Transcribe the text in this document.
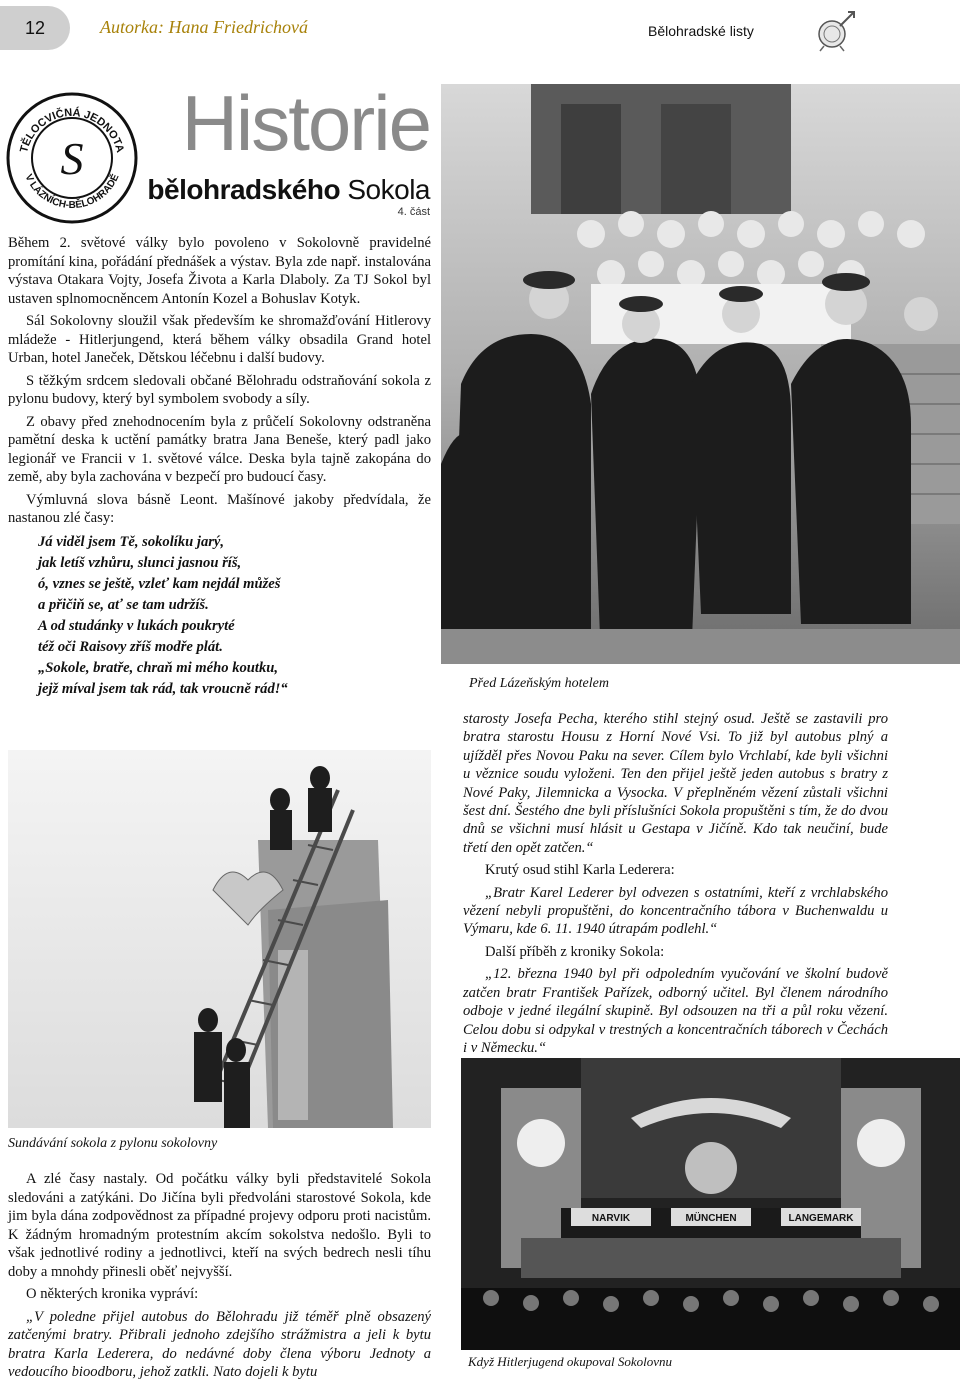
12	Autorka: Hana Friedrichová	Bělohradské listy
TĚLOCVIČNÁ JEDNOTA
V LÁZNÍCH-BĚLOHRADĚ
S	Historie
bělohradského Sokola
4. část

Během 2. světové války bylo povoleno v Sokolovně pravidelné promítání kina, pořádání přednášek a výstav. Byla zde např. instalována výstava Otakara Vojty, Josefa Života a Karla Dlaboly. Za TJ Sokol byl ustaven splnomocněncem Antonín Kozel a Bohuslav Kotyk.

Sál Sokolovny sloužil však především ke shromažďování Hitlerovy mládeže - Hitlerjungend, která během války obsadila Grand hotel Urban, hotel Janeček, Dětskou léčebnu i další budovy.

S těžkým srdcem sledovali občané Bělohradu odstraňování sokola z pylonu budovy, který byl symbolem svobody a síly.

Z obavy před znehodnocením byla z průčelí Sokolovny odstraněna pamětní deska k uctění památky bratra Jana Beneše, který padl jako legionář ve Francii v 1. světové válce. Deska byla tajně zakopána do země, aby byla zachována v bezpečí pro budoucí časy.

Výmluvná slova básně Leont. Mašínové jakoby předvídala, že nastanou zlé časy:

Já viděl jsem Tě, sokolíku jarý,
jak letíš vzhůru, slunci jasnou říš,
ó, vznes se ještě, vzleť kam nejdál můžeš
a přičiň se, ať se tam udržíš.
A od studánky v lukách poukryté
též oči Raisovy zříš modře plát.
„Sokole, bratře, chraň mi mého koutku,
jejž míval jsem tak rád, tak vroucně rád!“	Před Lázeňským hotelem
Sundávání sokola z pylonu sokolovny

starosty Josefa Pecha, kterého stihl stejný osud. Ještě se zastavili pro bratra starostu Housu z Horní Nové Vsi. To již byl autobus plný a ujížděl přes Novou Paku na sever. Cílem bylo Vrchlabí, kde byli všichni u věznice soudu vyloženi. Ten den přijel ještě jeden autobus s bratry z Nové Paky, Jilemnicka a Vysocka. V přeplněném vězení zůstali všichni šest dní. Šestého dne byli příslušníci Sokola propuštěni s tím, že do dvou dnů se všichni musí hlásit u Gestapa v Jičíně. Kdo tak neučiní, bude třetí den opět zatčen.“

Krutý osud stihl Karla Lederera:

„Bratr Karel Lederer byl odvezen s ostatními, kteří z vrchlabského vězení nebyli propuštěni, do koncentračního tábora v Buchenwaldu u Výmaru, kde 6. 11. 1940 útrapám podlehl.“

Další příběh z kroniky Sokola:

„12. března 1940 byl při odpoledním vyučování ve školní budově zatčen bratr František Pařízek, odborný učitel. Byl členem národního odboje v jedné ilegální skupině. Byl odsouzen na tři a půl roku vězení. Celou dobu si odpykal v trestných a koncentračních táborech v Čechách i v Německu.“

NARVIK	MÜNCHEN	LANGEMARK
Když Hitlerjugend okupoval Sokolovnu

A zlé časy nastaly. Od počátku války byli představitelé Sokola sledováni a zatýkáni. Do Jičína byli předvoláni starostové Sokola, kde jim byla dána zodpovědnost za případné projevy odporu proti nacistům. K žádným hromadným protestním akcím sokolstva nedošlo. Byli to však jednotlivé rodiny a jednotlivci, kteří na svých bedrech nesli tíhu doby a mnohdy přinesli oběť nejvyšší.

O některých kronika vypráví:

„V poledne přijel autobus do Bělohradu již téměř plně obsazený zatčenými bratry. Přibrali jednoho zdejšího strážmistra a jeli k bytu bratra Karla Lederera, do nedávné doby člena výboru Jednoty a vedoucího bioodboru, jehož zatkli. Nato dojeli k bytu
